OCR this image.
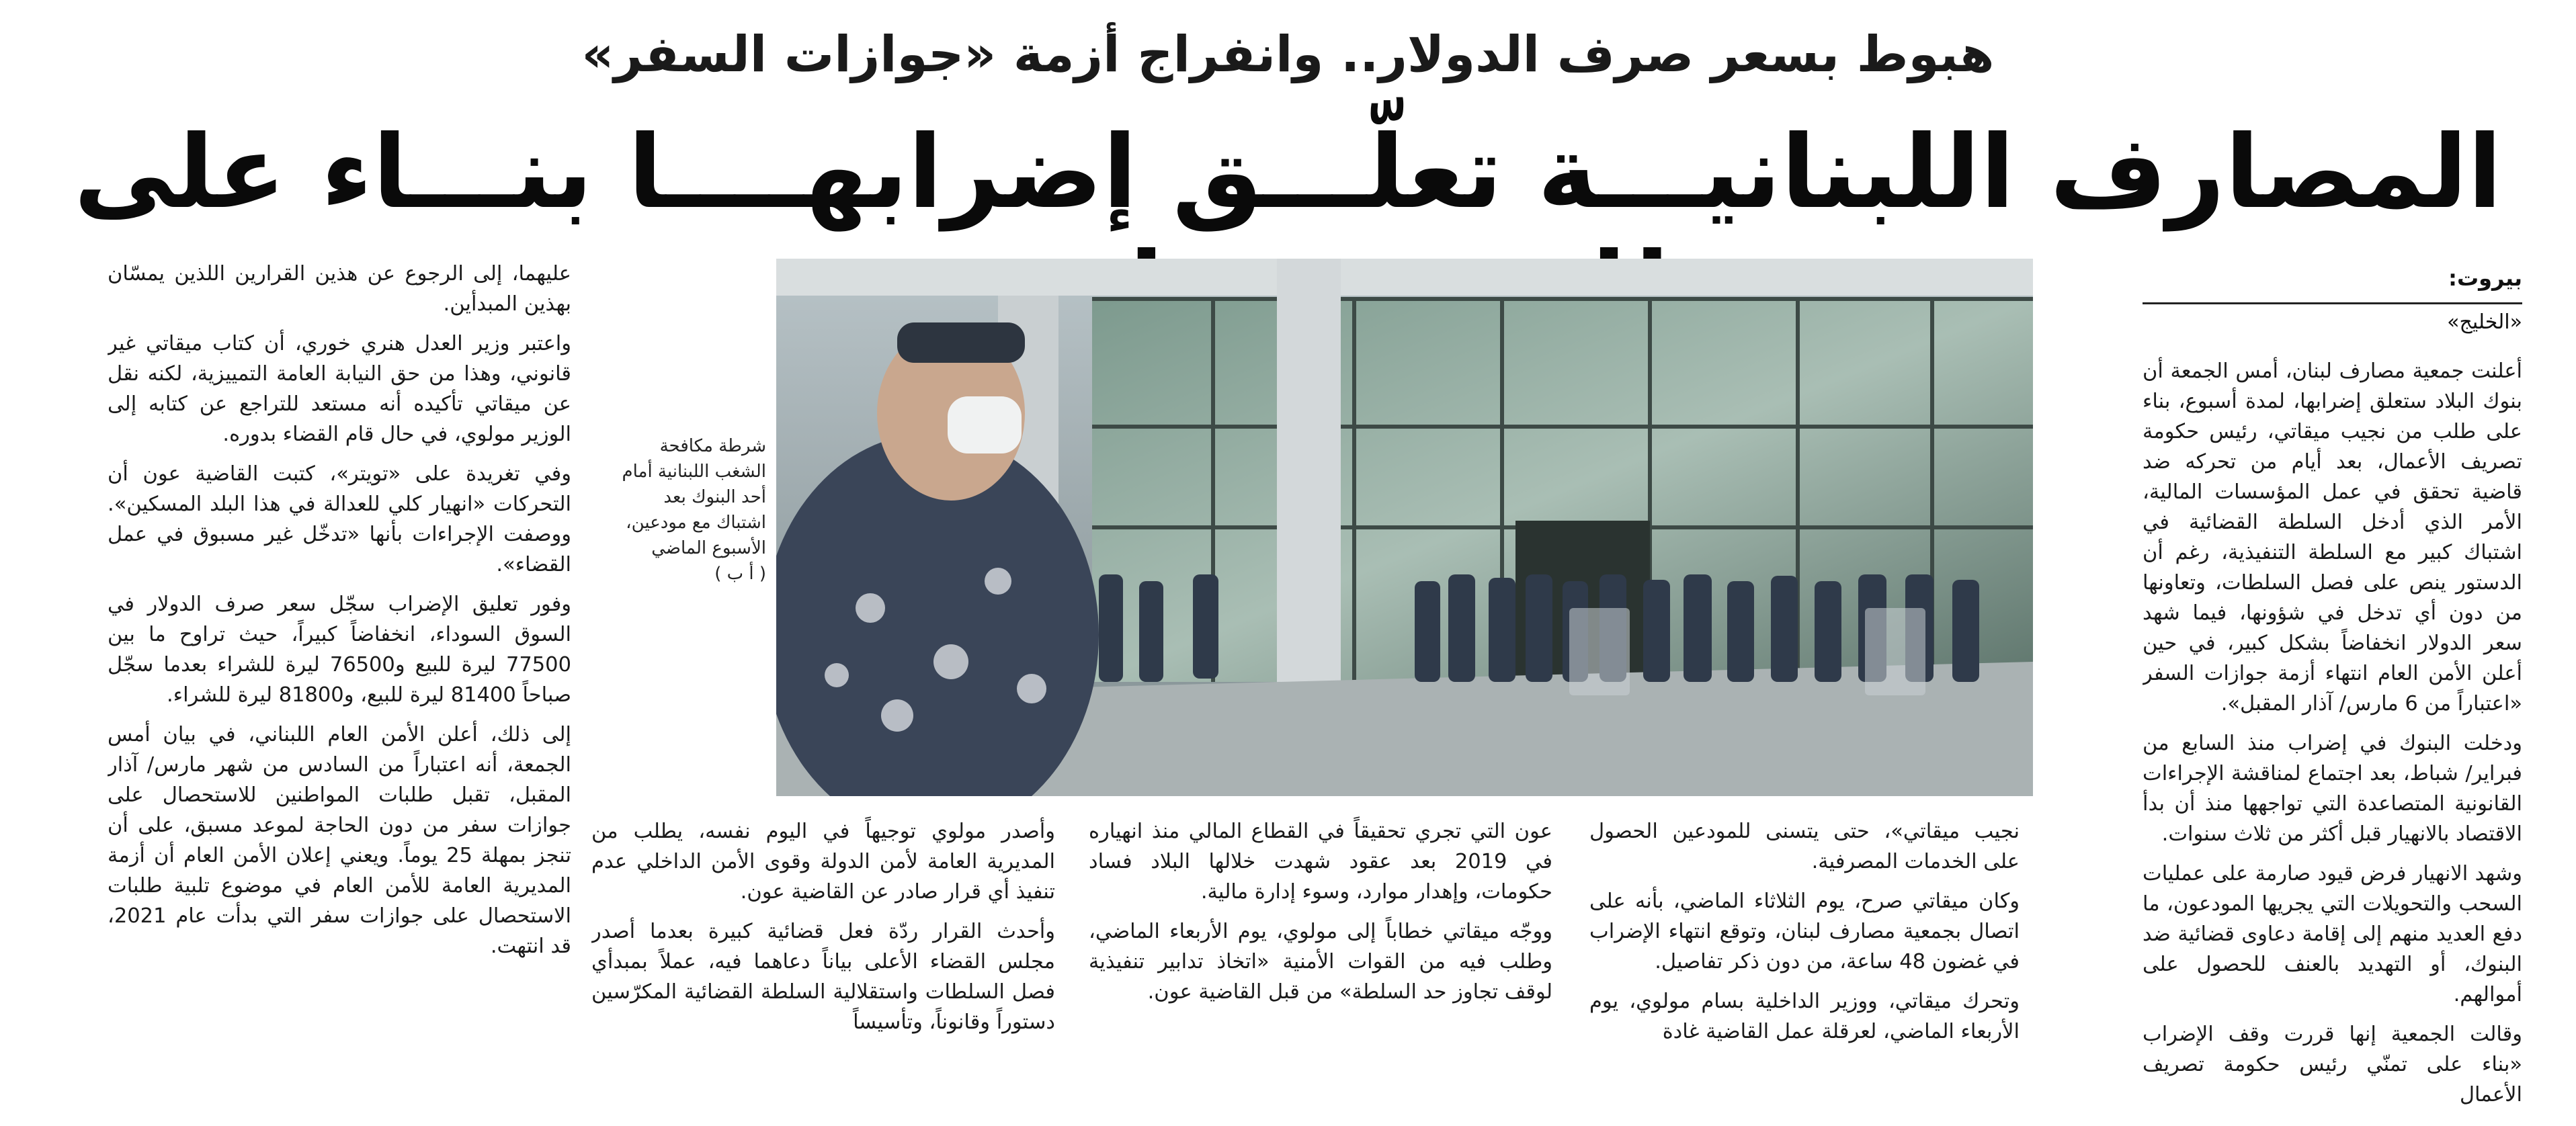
هبوط بسعر صرف الدولار.. وانفراج أزمة «جوازات السفر»
المصارف اللبنانيـــة تعلّـــق إضرابهــــا بنـــاء على
بيروت:
«الخليج»

أعلنت جمعية مصارف لبنان، أمس الجمعة أن بنوك البلاد ستعلق إضرابها، لمدة أسبوع، بناء على طلب من نجيب ميقاتي، رئيس حكومة تصريف الأعمال، بعد أيام من تحركه ضد قاضية تحقق في عمل المؤسسات المالية، الأمر الذي أدخل السلطة القضائية في اشتباك كبير مع السلطة التنفيذية، رغم أن الدستور ينص على فصل السلطات، وتعاونها من دون أي تدخل في شؤونها، فيما شهد سعر الدولار انخفاضاً بشكل كبير، في حين أعلن الأمن العام انتهاء أزمة جوازات السفر «اعتباراً من 6 مارس/ آذار المقبل».

ودخلت البنوك في إضراب منذ السابع من فبراير/ شباط، بعد اجتماع لمناقشة الإجراءات القانونية المتصاعدة التي تواجهها منذ أن بدأ الاقتصاد بالانهيار قبل أكثر من ثلاث سنوات.

وشهد الانهيار فرض قيود صارمة على عمليات السحب والتحويلات التي يجريها المودعون، ما دفع العديد منهم إلى إقامة دعاوى قضائية ضد البنوك، أو التهديد بالعنف للحصول على أموالهم.

وقالت الجمعية إنها قررت وقف الإضراب «بناء على تمنّي رئيس حكومة تصريف الأعمال

شرطة مكافحة
الشغب اللبنانية أمام
أحد البنوك بعد
اشتباك مع مودعين،
الأسبوع الماضي
( أ ب )

نجيب ميقاتي»، حتى يتسنى للمودعين الحصول على الخدمات المصرفية.

وكان ميقاتي صرح، يوم الثلاثاء الماضي، بأنه على اتصال بجمعية مصارف لبنان، وتوقع انتهاء الإضراب في غضون 48 ساعة، من دون ذكر تفاصيل.

وتحرك ميقاتي، ووزير الداخلية بسام مولوي، يوم الأربعاء الماضي، لعرقلة عمل القاضية غادة

عون التي تجري تحقيقاً في القطاع المالي منذ انهياره في 2019 بعد عقود شهدت خلالها البلاد فساد حكومات، وإهدار موارد، وسوء إدارة مالية.

ووجّه ميقاتي خطاباً إلى مولوي، يوم الأربعاء الماضي، وطلب فيه من القوات الأمنية «اتخاذ تدابير تنفيذية لوقف تجاوز حد السلطة» من قبل القاضية عون.

وأصدر مولوي توجيهاً في اليوم نفسه، يطلب من المديرية العامة لأمن الدولة وقوى الأمن الداخلي عدم تنفيذ أي قرار صادر عن القاضية عون.

وأحدث القرار ردّة فعل قضائية كبيرة بعدما أصدر مجلس القضاء الأعلى بياناً دعاهما فيه، عملاً بمبدأي فصل السلطات واستقلالية السلطة القضائية المكرّسين دستوراً وقانوناً، وتأسيساً

عليهما، إلى الرجوع عن هذين القرارين اللذين يمسّان بهذين المبدأين.

واعتبر وزير العدل هنري خوري، أن كتاب ميقاتي غير قانوني، وهذا من حق النيابة العامة التمييزية، لكنه نقل عن ميقاتي تأكيده أنه مستعد للتراجع عن كتابه إلى الوزير مولوي، في حال قام القضاء بدوره.

وفي تغريدة على «تويتر»، كتبت القاضية عون أن التحركات «انهيار كلي للعدالة في هذا البلد المسكين». ووصفت الإجراءات بأنها «تدخّل غير مسبوق في عمل القضاء».

وفور تعليق الإضراب سجّل سعر صرف الدولار في السوق السوداء، انخفاضاً كبيراً، حيث تراوح ما بين 77500 ليرة للبيع و76500 ليرة للشراء بعدما سجّل صباحاً 81400 ليرة للبيع، و81800 ليرة للشراء.

إلى ذلك، أعلن الأمن العام اللبناني، في بيان أمس الجمعة، أنه اعتباراً من السادس من شهر مارس/ آذار المقبل، تقبل طلبات المواطنين للاستحصال على جوازات سفر من دون الحاجة لموعد مسبق، على أن تنجز بمهلة 25 يوماً. ويعني إعلان الأمن العام أن أزمة المديرية العامة للأمن العام في موضوع تلبية طلبات الاستحصال على جوازات سفر التي بدأت عام 2021، قد انتهت.
